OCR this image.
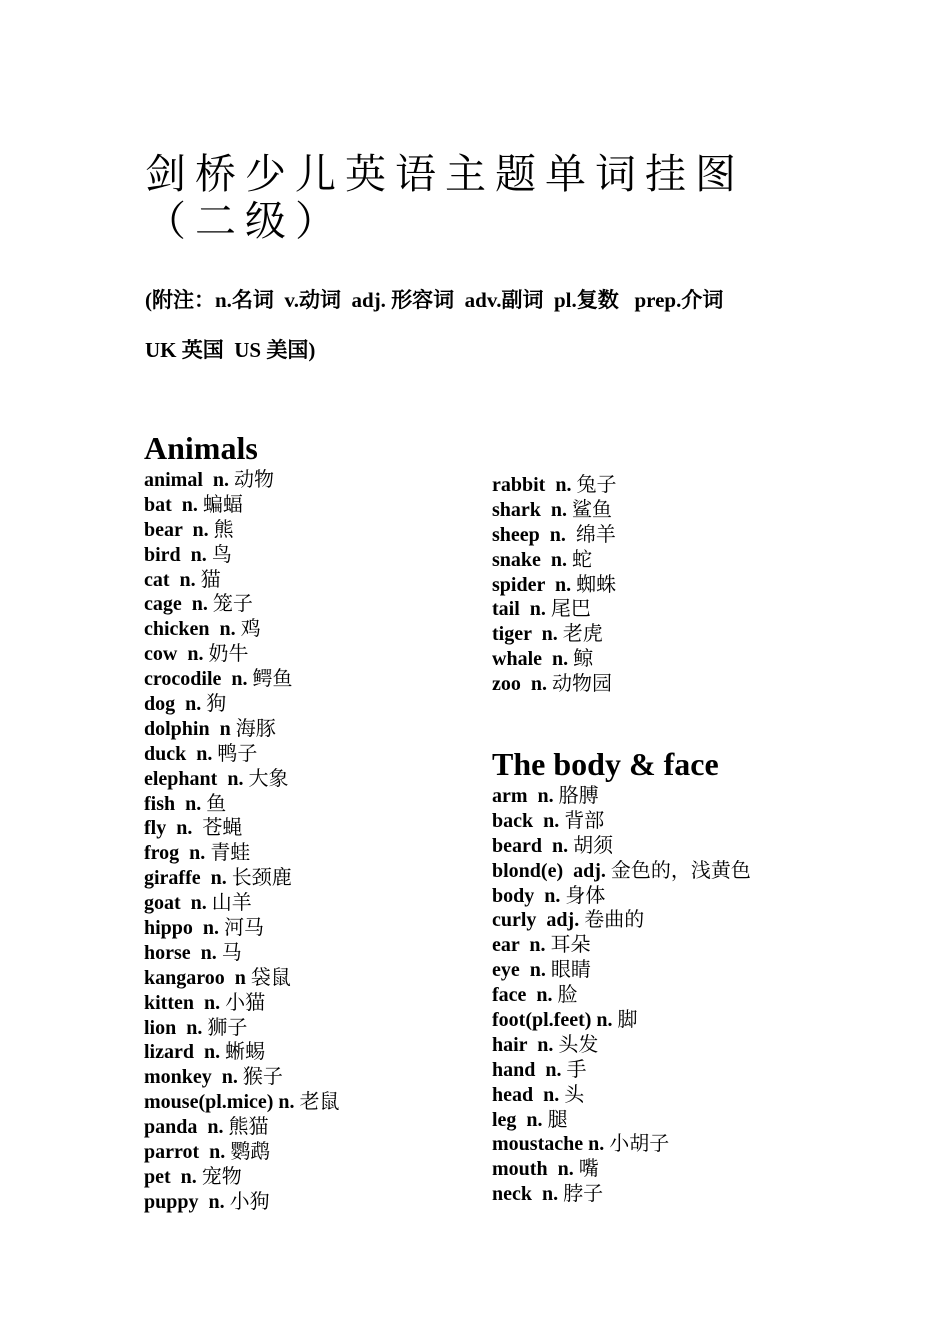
剑桥少儿英语主题单词挂图（二级）
(附注：n.名词  v.动词  adj. 形容词  adv.副词  pl.复数   prep.介词
UK 英国  US 美国)
Animals
animal  n. 动物
bat  n. 蝙蝠
bear  n. 熊
bird  n. 鸟
cat  n. 猫
cage  n. 笼子
chicken  n. 鸡
cow  n. 奶牛
crocodile  n. 鳄鱼
dog  n. 狗
dolphin  n 海豚
duck  n. 鸭子
elephant  n. 大象
fish  n. 鱼
fly  n.  苍蝇
frog  n. 青蛙
giraffe  n. 长颈鹿
goat  n. 山羊
hippo  n. 河马
horse  n. 马
kangaroo  n 袋鼠
kitten  n. 小猫
lion  n. 狮子
lizard  n. 蜥蜴
monkey  n. 猴子
mouse(pl.mice) n. 老鼠
panda  n. 熊猫
parrot  n. 鹦鹉
pet  n. 宠物
puppy  n. 小狗
rabbit  n. 兔子
shark  n. 鲨鱼
sheep  n.  绵羊
snake  n. 蛇
spider  n. 蜘蛛
tail  n. 尾巴
tiger  n. 老虎
whale  n. 鲸
zoo  n. 动物园
The body & face
arm  n. 胳膊
back  n. 背部
beard  n. 胡须
blond(e)  adj. 金色的，浅黄色
body  n. 身体
curly  adj. 卷曲的
ear  n. 耳朵
eye  n. 眼睛
face  n. 脸
foot(pl.feet) n. 脚
hair  n. 头发
hand  n. 手
head  n. 头
leg  n. 腿
moustache n. 小胡子
mouth  n. 嘴
neck  n. 脖子
